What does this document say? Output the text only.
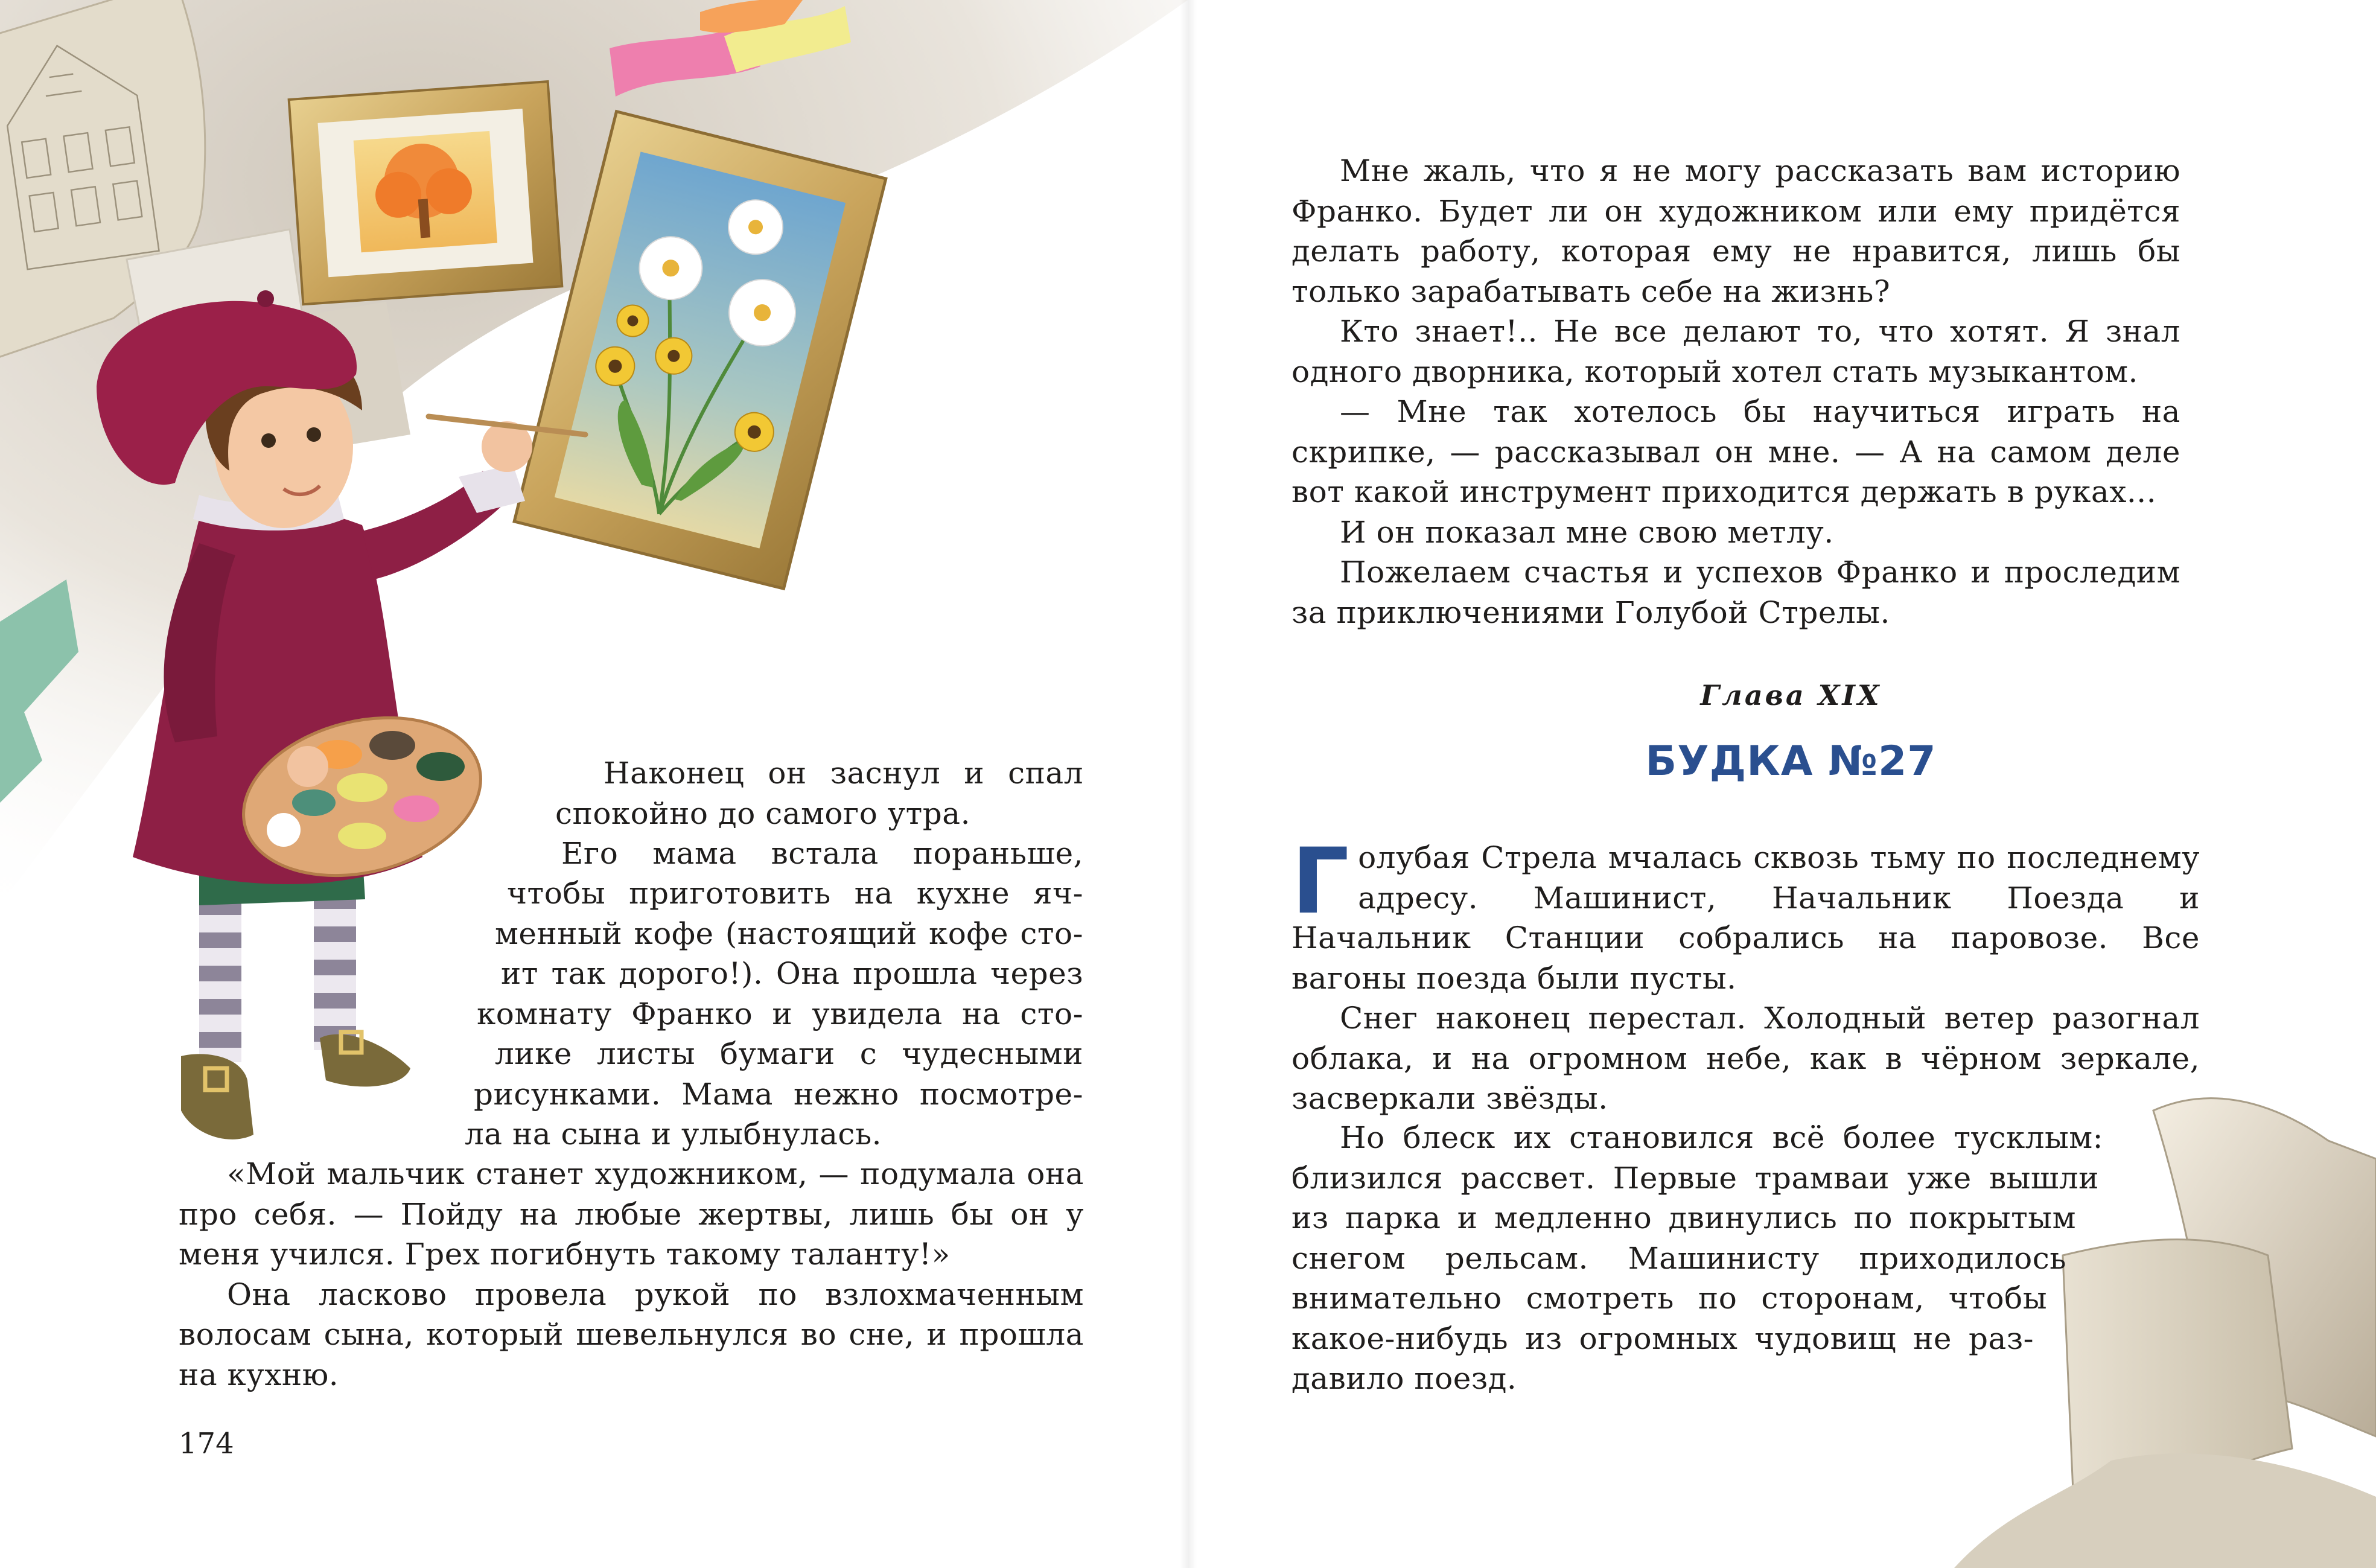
Наконец он заснул и спал
спокойно до самого утра.
Его мама встала пораньше,
чтобы приготовить на кухне яч-
менный кофе (настоящий кофе сто-
ит так дорого!). Она прошла через
комнату Франко и увидела на сто-
лике листы бумаги с чудесными
рисунками. Мама нежно посмотре-
ла на сына и улыбнулась.

«Мой мальчик станет художником, — подумала она про себя. — Пойду на любые жертвы, лишь бы он у меня учился. Грех погибнуть такому таланту!»

Она ласково провела рукой по взлохмаченным волосам сына, который шевельнулся во сне, и прошла на кухню.

174

Мне жаль, что я не могу рассказать вам историю Франко. Будет ли он художником или ему придётся делать работу, которая ему не нравится, лишь бы только зарабатывать себе на жизнь?

Кто знает!.. Не все делают то, что хотят. Я знал одного дворника, который хотел стать музыкантом.

— Мне так хотелось бы научиться играть на скрипке, — рассказывал он мне. — А на самом деле вот какой инструмент приходится держать в руках...

И он показал мне свою метлу.

Пожелаем счастья и успехов Франко и проследим за приключениями Голубой Стрелы.

Глава XIX
БУДКА №27

Голубая Стрела мчалась сквозь тьму по последнему адресу. Машинист, Начальник Поезда и Начальник Станции собрались на паровозе. Все вагоны поезда были пусты.

Снег наконец перестал. Холодный ветер разогнал облака, и на огромном небе, как в чёрном зеркале, засверкали звёзды.

Но блеск их становился всё более тусклым:
близился рассвет. Первые трамваи уже вышли
из парка и медленно двинулись по покрытым
снегом рельсам. Машинисту приходилось
внимательно смотреть по сторонам, чтобы
какое-нибудь из огромных чудовищ не раз-
давило поезд.
